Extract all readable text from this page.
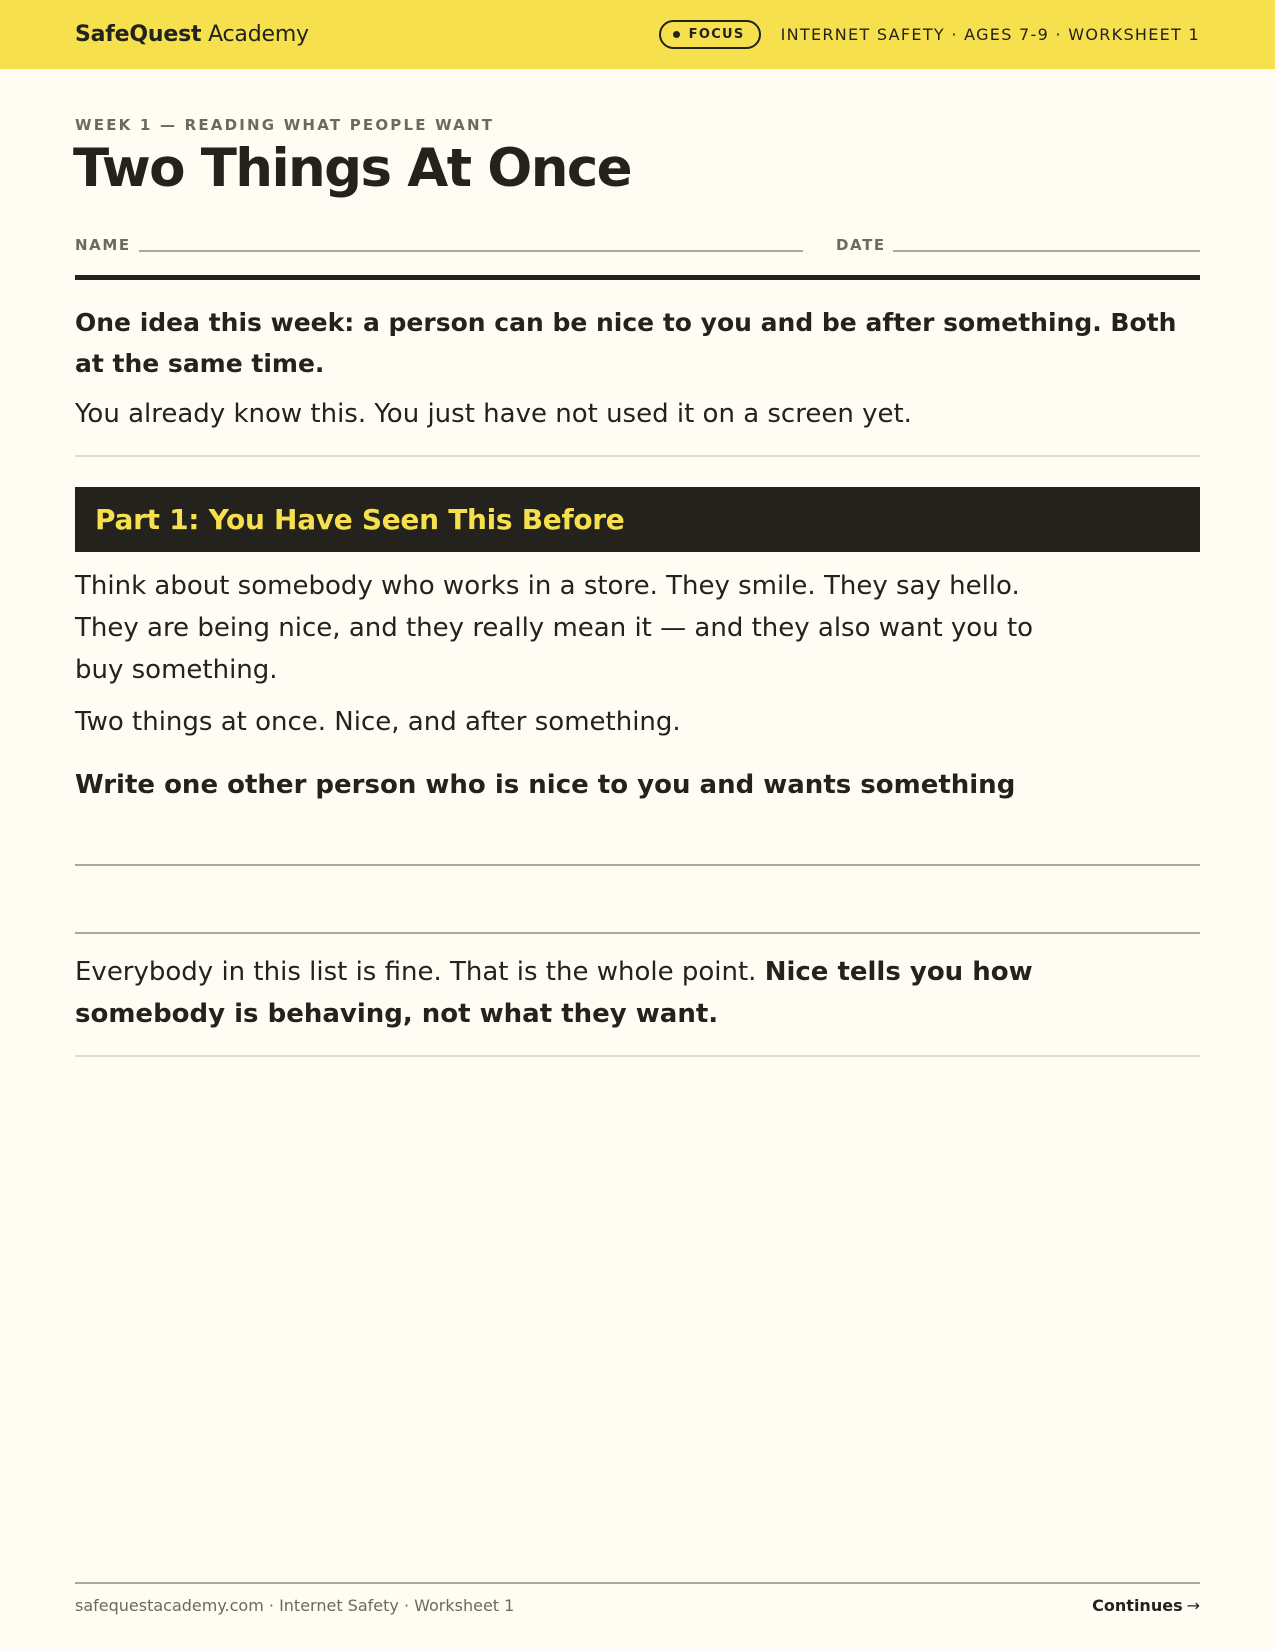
SafeQuest Academy	FOCUS INTERNET SAFETY · AGES 7-9 · WORKSHEET 1
WEEK 1 — READING WHAT PEOPLE WANT
Two Things At Once
NAME	DATE

One idea this week: a person can be nice to you and be after something. Both at the same time.

You already know this. You just have not used it on a screen yet.

Part 1: You Have Seen This Before

Think about somebody who works in a store. They smile. They say hello. They are being nice, and they really mean it — and they also want you to buy something.

Two things at once. Nice, and after something.

Write one other person who is nice to you and wants something

Everybody in this list is fine. That is the whole point. Nice tells you how somebody is behaving, not what they want.

safequestacademy.com · Internet Safety · Worksheet 1	Continues →
